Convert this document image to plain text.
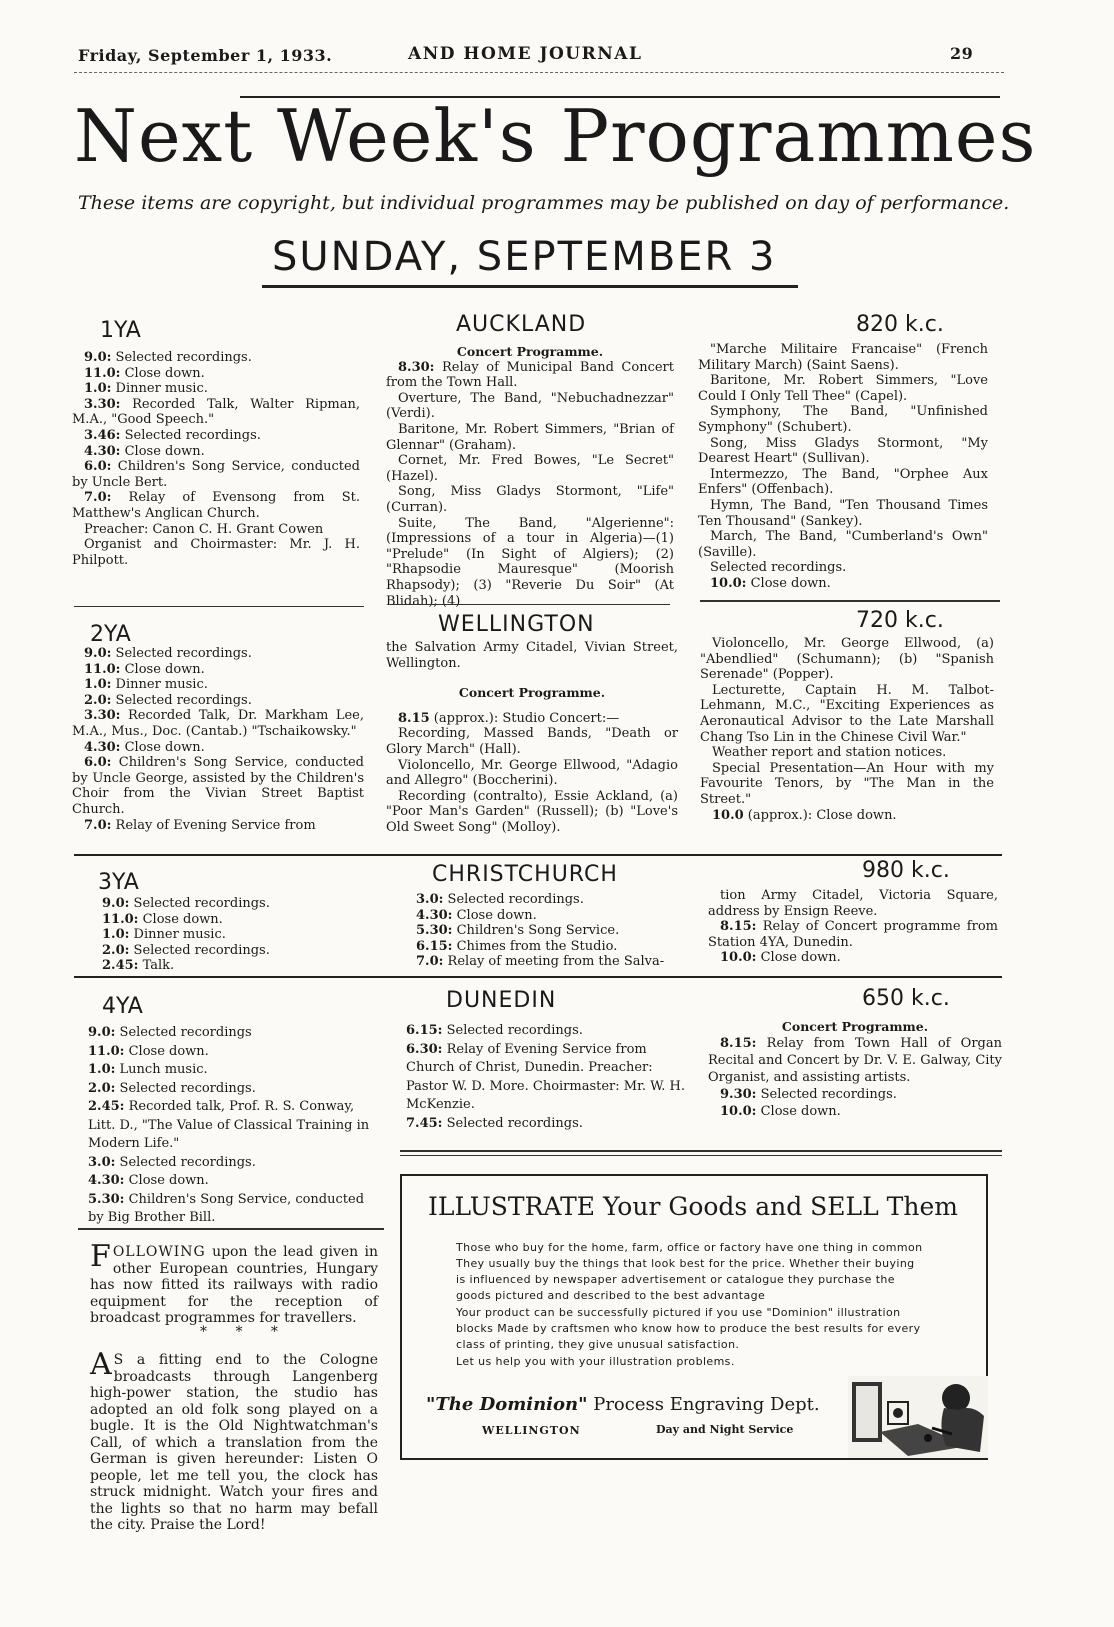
Friday, September 1, 1933.	AND HOME JOURNAL	29
Next Week's Programmes
These items are copyright, but individual programmes may be published on day of performance.
SUNDAY, SEPTEMBER 3
1YA	AUCKLAND	820 k.c.

9.0: Selected recordings.

11.0: Close down.

1.0: Dinner music.

3.30: Recorded Talk, Walter Ripman, M.A., "Good Speech."

3.46: Selected recordings.

4.30: Close down.

6.0: Children's Song Service, conducted by Uncle Bert.

7.0: Relay of Evensong from St. Matthew's Anglican Church.

Preacher: Canon C. H. Grant Cowen

Organist and Choirmaster: Mr. J. H. Philpott.

Concert Programme.

8.30: Relay of Municipal Band Concert from the Town Hall.

Overture, The Band, "Nebuchadnezzar" (Verdi).

Baritone, Mr. Robert Simmers, "Brian of Glennar" (Graham).

Cornet, Mr. Fred Bowes, "Le Secret" (Hazel).

Song, Miss Gladys Stormont, "Life" (Curran).

Suite, The Band, "Algerienne": (Impressions of a tour in Algeria)—(1) "Prelude" (In Sight of Algiers); (2) "Rhapsodie Mauresque" (Moorish Rhapsody); (3) "Reverie Du Soir" (At Blidah); (4)

"Marche Militaire Francaise" (French Military March) (Saint Saens).

Baritone, Mr. Robert Simmers, "Love Could I Only Tell Thee" (Capel).

Symphony, The Band, "Unfinished Symphony" (Schubert).

Song, Miss Gladys Stormont, "My Dearest Heart" (Sullivan).

Intermezzo, The Band, "Orphee Aux Enfers" (Offenbach).

Hymn, The Band, "Ten Thousand Times Ten Thousand" (Sankey).

March, The Band, "Cumberland's Own" (Saville).

Selected recordings.

10.0: Close down.

2YA	WELLINGTON	720 k.c.

9.0: Selected recordings.

11.0: Close down.

1.0: Dinner music.

2.0: Selected recordings.

3.30: Recorded Talk, Dr. Markham Lee, M.A., Mus., Doc. (Cantab.) "Tschaikowsky."

4.30: Close down.

6.0: Children's Song Service, conducted by Uncle George, assisted by the Children's Choir from the Vivian Street Baptist Church.

7.0: Relay of Evening Service from

the Salvation Army Citadel, Vivian Street, Wellington.

Concert Programme.

8.15 (approx.): Studio Concert:—

Recording, Massed Bands, "Death or Glory March" (Hall).

Violoncello, Mr. George Ellwood, "Adagio and Allegro" (Boccherini).

Recording (contralto), Essie Ackland, (a) "Poor Man's Garden" (Russell); (b) "Love's Old Sweet Song" (Molloy).

Violoncello, Mr. George Ellwood, (a) "Abendlied" (Schumann); (b) "Spanish Serenade" (Popper).

Lecturette, Captain H. M. Talbot-Lehmann, M.C., "Exciting Experiences as Aeronautical Advisor to the Late Marshall Chang Tso Lin in the Chinese Civil War."

Weather report and station notices.

Special Presentation—An Hour with my Favourite Tenors, by "The Man in the Street."

10.0 (approx.): Close down.

3YA	CHRISTCHURCH	980 k.c.

9.0: Selected recordings.

11.0: Close down.

1.0: Dinner music.

2.0: Selected recordings.

2.45: Talk.

3.0: Selected recordings.

4.30: Close down.

5.30: Children's Song Service.

6.15: Chimes from the Studio.

7.0: Relay of meeting from the Salva-

tion Army Citadel, Victoria Square, address by Ensign Reeve.

8.15: Relay of Concert programme from Station 4YA, Dunedin.

10.0: Close down.

4YA	DUNEDIN	650 k.c.

9.0: Selected recordings

11.0: Close down.

1.0: Lunch music.

2.0: Selected recordings.

2.45: Recorded talk, Prof. R. S. Conway, Litt. D., "The Value of Classical Training in Modern Life."

3.0: Selected recordings.

4.30: Close down.

5.30: Children's Song Service, conducted by Big Brother Bill.

6.15: Selected recordings.

6.30: Relay of Evening Service from Church of Christ, Dunedin. Preacher: Pastor W. D. More. Choirmaster: Mr. W. H. McKenzie.

7.45: Selected recordings.

Concert Programme.

8.15: Relay from Town Hall of Organ Recital and Concert by Dr. V. E. Galway, City Organist, and assisting artists.

9.30: Selected recordings.

10.0: Close down.

FOLLOWING upon the lead given in other European countries, Hungary has now fitted its railways with radio equipment for the reception of broadcast programmes for travellers.

* * *

A S a fitting end to the Cologne broadcasts through Langenberg high-power station, the studio has adopted an old folk song played on a bugle. It is the Old Nightwatchman's Call, of which a translation from the German is given hereunder: Listen O people, let me tell you, the clock has struck midnight. Watch your fires and the lights so that no harm may befall the city. Praise the Lord!

ILLUSTRATE Your Goods and SELL Them

Those who buy for the home, farm, office or factory have one thing in common They usually buy the things that look best for the price. Whether their buying is influenced by newspaper advertisement or catalogue they purchase the goods pictured and described to the best advantage

Your product can be successfully pictured if you use "Dominion" illustration blocks Made by craftsmen who know how to produce the best results for every class of printing, they give unusual satisfaction.

Let us help you with your illustration problems.

"The Dominion" Process Engraving Dept.
WELLINGTON	Day and Night Service
